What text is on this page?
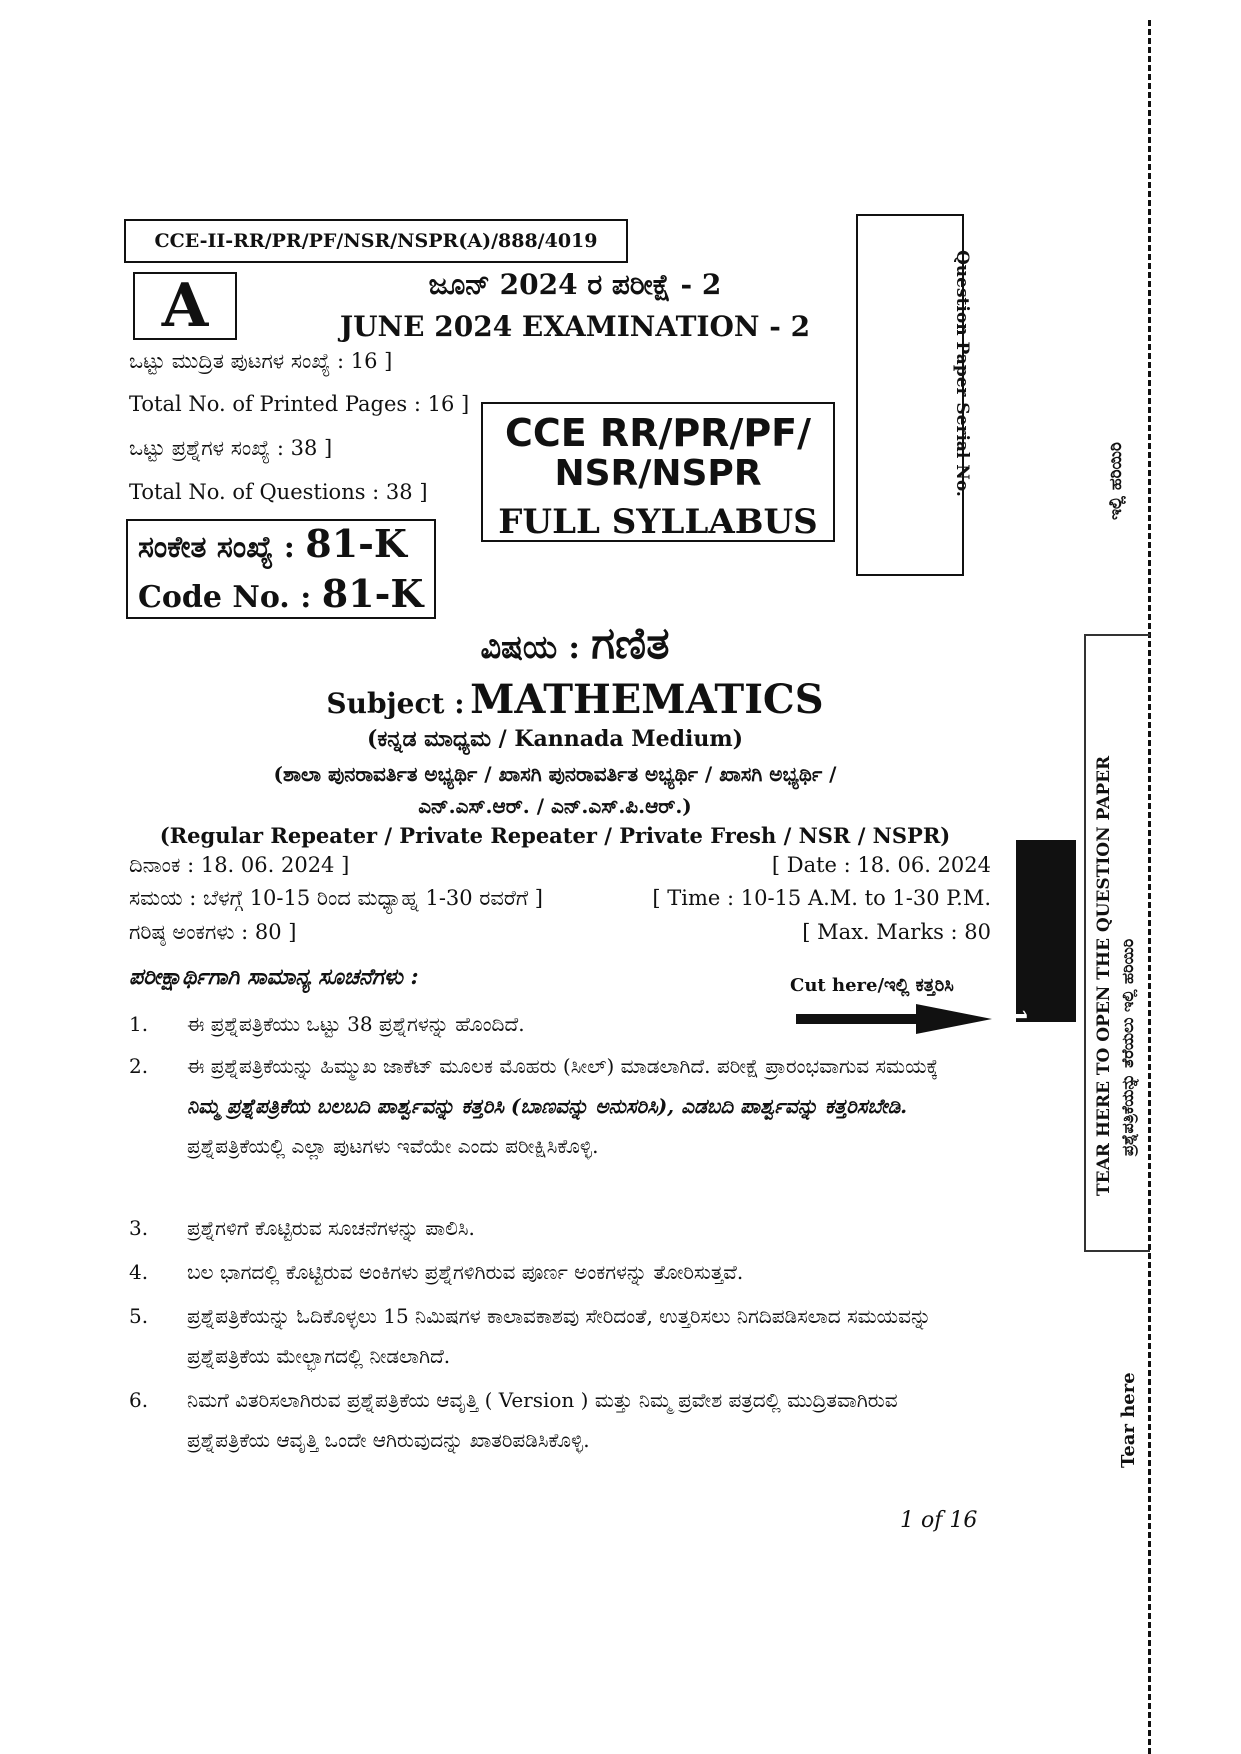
CCE-II-RR/PR/PF/NSR/NSPR(A)/888/4019
A	ಜೂನ್ 2024 ರ ಪರೀಕ್ಷೆ - 2
JUNE 2024 EXAMINATION - 2
ಒಟ್ಟು ಮುದ್ರಿತ ಪುಟಗಳ ಸಂಖ್ಯೆ : 16 ]
Total No. of Printed Pages : 16 ]
ಒಟ್ಟು ಪ್ರಶ್ನೆಗಳ ಸಂಖ್ಯೆ : 38 ]
Total No. of Questions : 38 ]
CCE RR/PR/PF/
NSR/NSPR
FULL SYLLABUS
ಸಂಕೇತ ಸಂಖ್ಯೆ : 81-K
Code No. : 81-K
Question Paper Serial No.
ವಿಷಯ : ಗಣಿತ
Subject : MATHEMATICS
(ಕನ್ನಡ ಮಾಧ್ಯಮ / Kannada Medium)
(ಶಾಲಾ ಪುನರಾವರ್ತಿತ ಅಭ್ಯರ್ಥಿ / ಖಾಸಗಿ ಪುನರಾವರ್ತಿತ ಅಭ್ಯರ್ಥಿ / ಖಾಸಗಿ ಅಭ್ಯರ್ಥಿ /
ಎನ್.ಎಸ್.ಆರ್. / ಎನ್.ಎಸ್.ಪಿ.ಆರ್.)
(Regular Repeater / Private Repeater / Private Fresh / NSR / NSPR)
ದಿನಾಂಕ : 18. 06. 2024 ]	[ Date : 18. 06. 2024
ಸಮಯ : ಬೆಳಗ್ಗೆ 10-15 ರಿಂದ ಮಧ್ಯಾಹ್ನ 1-30 ರವರೆಗೆ ]	[ Time : 10-15 A.M. to 1-30 P.M.
ಗರಿಷ್ಠ ಅಂಕಗಳು : 80 ]	[ Max. Marks : 80
ಪರೀಕ್ಷಾರ್ಥಿಗಾಗಿ ಸಾಮಾನ್ಯ ಸೂಚನೆಗಳು :	Cut here/ಇಲ್ಲಿ ಕತ್ತರಿಸಿ
1.	ಈ ಪ್ರಶ್ನೆಪತ್ರಿಕೆಯು ಒಟ್ಟು 38 ಪ್ರಶ್ನೆಗಳನ್ನು ಹೊಂದಿದೆ.
2.	ಈ ಪ್ರಶ್ನೆಪತ್ರಿಕೆಯನ್ನು ಹಿಮ್ಮುಖ ಜಾಕೆಟ್ ಮೂಲಕ ಮೊಹರು (ಸೀಲ್) ಮಾಡಲಾಗಿದೆ. ಪರೀಕ್ಷೆ ಪ್ರಾರಂಭವಾಗುವ ಸಮಯಕ್ಕೆ ನಿಮ್ಮ ಪ್ರಶ್ನೆಪತ್ರಿಕೆಯ ಬಲಬದಿ ಪಾರ್ಶ್ವವನ್ನು ಕತ್ತರಿಸಿ (ಬಾಣವನ್ನು ಅನುಸರಿಸಿ), ಎಡಬದಿ ಪಾರ್ಶ್ವವನ್ನು ಕತ್ತರಿಸಬೇಡಿ. ಪ್ರಶ್ನೆಪತ್ರಿಕೆಯಲ್ಲಿ ಎಲ್ಲಾ ಪುಟಗಳು ಇವೆಯೇ ಎಂದು ಪರೀಕ್ಷಿಸಿಕೊಳ್ಳಿ.
3.	ಪ್ರಶ್ನೆಗಳಿಗೆ ಕೊಟ್ಟಿರುವ ಸೂಚನೆಗಳನ್ನು ಪಾಲಿಸಿ.
4.	ಬಲ ಭಾಗದಲ್ಲಿ ಕೊಟ್ಟಿರುವ ಅಂಕಿಗಳು ಪ್ರಶ್ನೆಗಳಿಗಿರುವ ಪೂರ್ಣ ಅಂಕಗಳನ್ನು ತೋರಿಸುತ್ತವೆ.
5.	ಪ್ರಶ್ನೆಪತ್ರಿಕೆಯನ್ನು ಓದಿಕೊಳ್ಳಲು 15 ನಿಮಿಷಗಳ ಕಾಲಾವಕಾಶವು ಸೇರಿದಂತೆ, ಉತ್ತರಿಸಲು ನಿಗದಿಪಡಿಸಲಾದ ಸಮಯವನ್ನು ಪ್ರಶ್ನೆಪತ್ರಿಕೆಯ ಮೇಲ್ಭಾಗದಲ್ಲಿ ನೀಡಲಾಗಿದೆ.
6.	ನಿಮಗೆ ವಿತರಿಸಲಾಗಿರುವ ಪ್ರಶ್ನೆಪತ್ರಿಕೆಯ ಆವೃತ್ತಿ ( Version ) ಮತ್ತು ನಿಮ್ಮ ಪ್ರವೇಶ ಪತ್ರದಲ್ಲಿ ಮುದ್ರಿತವಾಗಿರುವ ಪ್ರಶ್ನೆಪತ್ರಿಕೆಯ ಆವೃತ್ತಿ ಒಂದೇ ಆಗಿರುವುದನ್ನು ಖಾತರಿಪಡಿಸಿಕೊಳ್ಳಿ.
1 of 16
ಇಲ್ಲಿ ಹರಿಯಿರಿ
TEAR HERE TO OPEN THE QUESTION PAPER ಪ್ರಶ್ನೆಪತ್ರಿಕೆಯನ್ನು ತೆರೆಯಲು ಇಲ್ಲಿ ಹರಿಯಿರಿ
18. 06. 2024
Tear here
